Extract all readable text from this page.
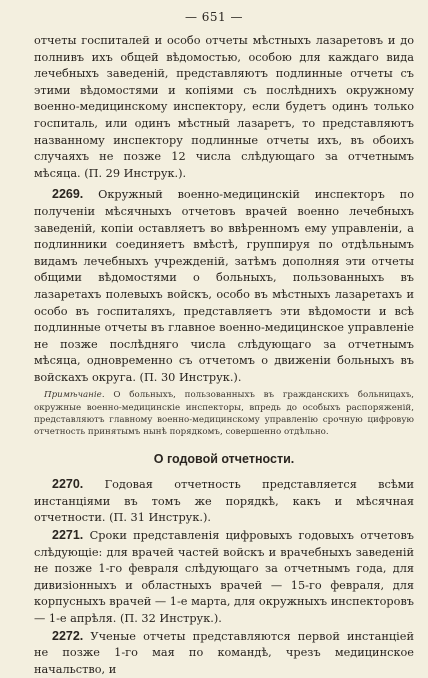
— 651 —

отчеты госпиталей и особо отчеты мѣстныхъ лазаретовъ и до полнивъ ихъ общей вѣдомостью, особою для каждаго вида лечебныхъ заведеній, представляютъ подлинные отчеты съ этими вѣдомостями и копіями съ послѣднихъ окружному военно-медицинскому инспектору, если будетъ одинъ только госпиталь, или одинъ мѣстный лазаретъ, то представляютъ названному инспектору подлинные отчеты ихъ, въ обоихъ случаяхъ не позже 12 числа слѣдующаго за отчетнымъ мѣсяца. (П. 29 Инструк.).

2269. Окружный военно-медицинскій инспекторъ по полученіи мѣсячныхъ отчетовъ врачей военно лечебныхъ заведеній, копіи оставляетъ во ввѣренномъ ему управленіи, а подлинники соединяетъ вмѣстѣ, группируя по отдѣльнымъ видамъ лечебныхъ учрежденій, затѣмъ дополняя эти отчеты общими вѣдомостями о больныхъ, пользованныхъ въ лазаретахъ полевыхъ войскъ, особо въ мѣстныхъ лазаретахъ и особо въ госпиталяхъ, представляетъ эти вѣдомости и всѣ подлинные отчеты въ главное военно-медицинское управленіе не позже послѣдняго числа слѣдующаго за отчетнымъ мѣсяца, одновременно съ отчетомъ о движеніи больныхъ въ войскахъ округа. (П. 30 Инструк.).

Примѣчаніе. О больныхъ, пользованныхъ въ гражданскихъ больницахъ, окружные военно-медицинскіе инспекторы, впредь до особыхъ распоряженій, представляютъ главному военно-медицинскому управленію срочную цифровую отчетность принятымъ нынѣ порядкомъ, совершенно отдѣльно.

О годовой отчетности.

2270. Годовая отчетность представляется всѣми инстанціями въ томъ же порядкѣ, какъ и мѣсячная отчетности. (П. 31 Инструк.).

2271. Сроки представленія цифровыхъ годовыхъ отчетовъ слѣдующіе: для врачей частей войскъ и врачебныхъ заведеній не позже 1-го февраля слѣдующаго за отчетнымъ года, для дивизіонныхъ и областныхъ врачей — 15-го февраля, для корпусныхъ врачей — 1-е марта, для окружныхъ инспекторовъ — 1-е апрѣля. (П. 32 Инструк.).

2272. Ученые отчеты представляются первой инстанціей не позже 1-го мая по командѣ, чрезъ медицинское начальство, и
